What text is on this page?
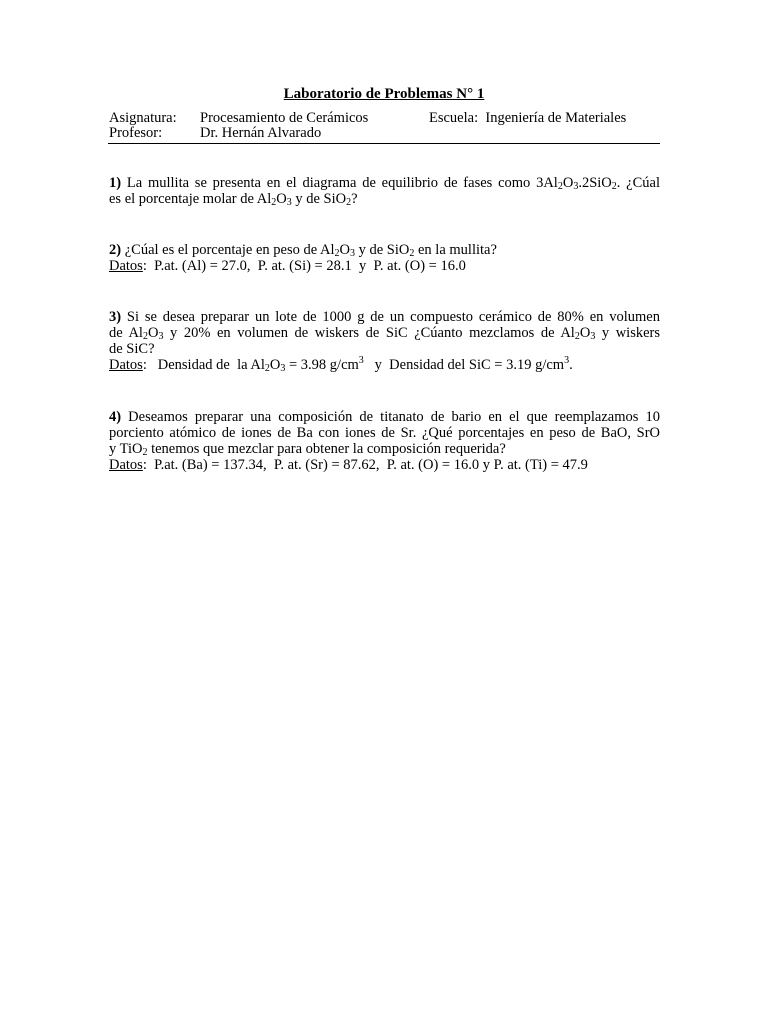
Laboratorio de Problemas N° 1
Asignatura: Procesamiento de Cerámicos	Escuela: Ingeniería de Materiales
Profesor:	Dr. Hernán Alvarado
1) La mullita se presenta en el diagrama de equilibrio de fases como $3Al_2O_3.2SiO_2$. ¿Cúal
es el porcentaje molar de $Al_2O_3$ y de SiO$_2$?
2) ¿Cúal es el porcentaje en peso de $Al_2O_3$ y de SiO$_2$ en la mullita?
Datos:  P.at. (Al) = 27.0,  P. at. (Si) = 28.1  y  P. at. (O) = 16.0
3) Si se desea preparar un lote de 1000 g de un compuesto cerámico de 80% en volumen
de $Al_2O_3$ y 20% en volumen de wiskers de SiC ¿Cúanto mezclamos de $Al_2O_3$ y wiskers
de SiC?
Datos:   Densidad de  la $Al_2O_3 = 3.98$ $g/cm^3$   y  Densidad del SiC = 3.19 $g/cm^3$.
4) Deseamos preparar una composición de titanato de bario en el que reemplazamos 10
porciento atómico de iones de Ba con iones de Sr. ¿Qué porcentajes en peso de BaO, SrO
y TiO$_2$ tenemos que mezclar para obtener la composición requerida?
Datos:  P.at. (Ba) = 137.34,  P. at. (Sr) = 87.62,  P. at. (O) = 16.0 y P. at. (Ti) = 47.9
